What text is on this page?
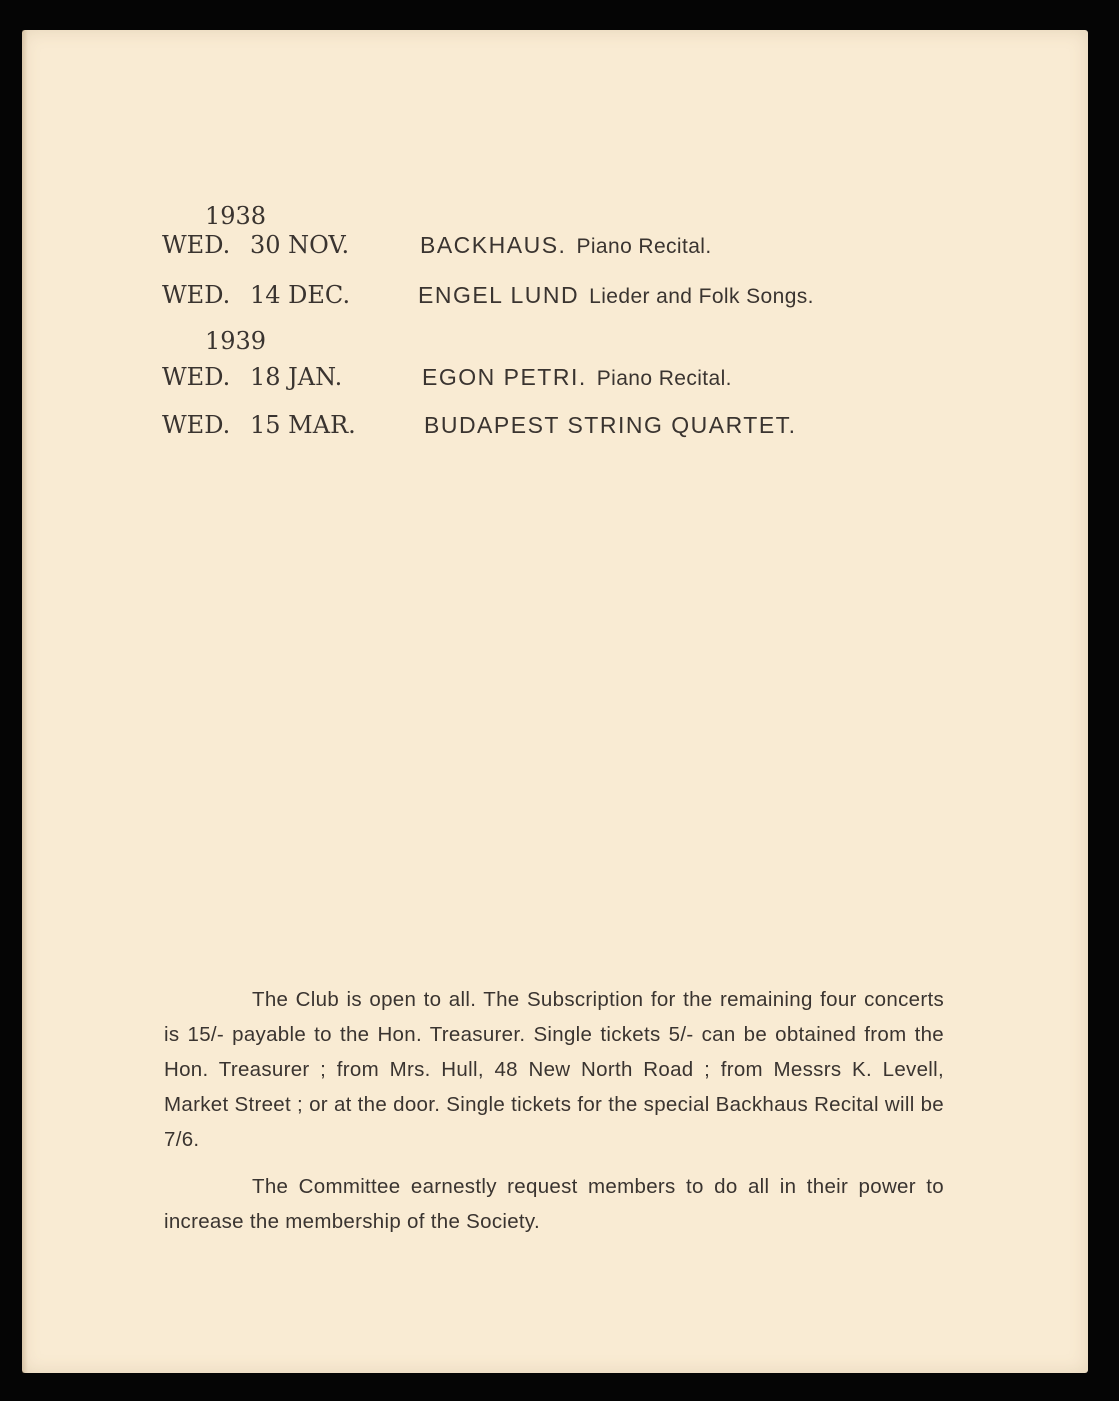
1938
WED. 30 NOV.	BACKHAUS. Piano Recital.
WED. 14 DEC.	ENGEL LUND Lieder and Folk Songs.
1939
WED. 18 JAN.	EGON PETRI. Piano Recital.
WED. 15 MAR.	BUDAPEST STRING QUARTET.

The Club is open to all. The Subscription for the remaining four concerts is 15/- payable to the Hon. Treasurer. Single tickets 5/- can be obtained from the Hon. Treasurer ; from Mrs. Hull, 48 New North Road ; from Messrs K. Levell, Market Street ; or at the door. Single tickets for the special Backhaus Recital will be 7/6.

The Committee earnestly request members to do all in their power to increase the membership of the Society.
